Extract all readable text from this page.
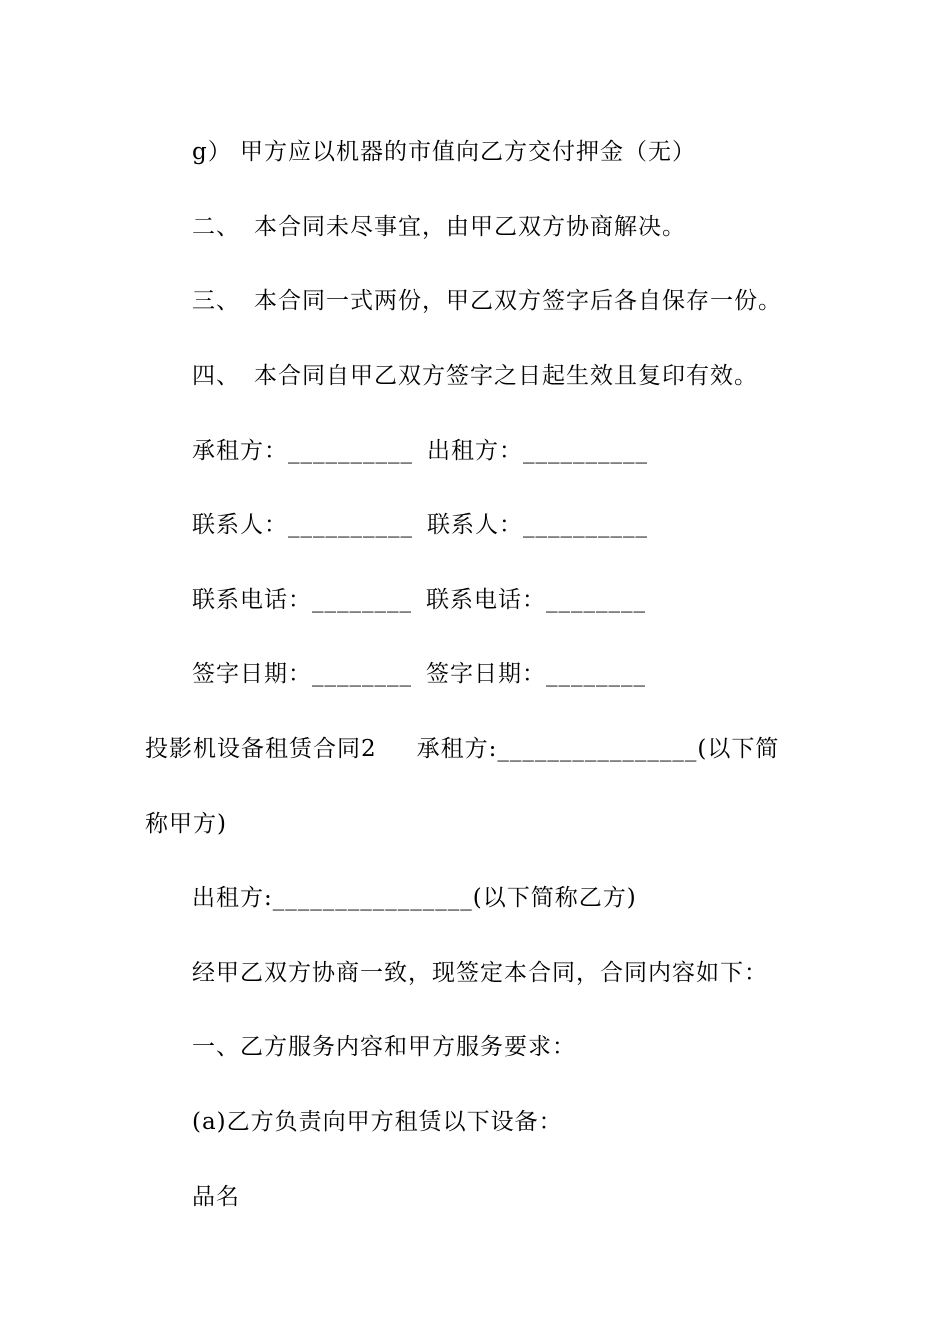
g） 甲方应以机器的市值向乙方交付押金（无）
二、 本合同未尽事宜，由甲乙双方协商解决。
三、 本合同一式两份，甲乙双方签字后各自保存一份。
四、 本合同自甲乙双方签字之日起生效且复印有效。
承租方：__________ 出租方：__________
联系人：__________ 联系人：__________
联系电话：________ 联系电话：________
签字日期：________ 签字日期：________
投影机设备租赁合同2 承租方:________________(以下简
称甲方)
出租方:________________(以下简称乙方)
经甲乙双方协商一致，现签定本合同，合同内容如下：
一、乙方服务内容和甲方服务要求：
(a)乙方负责向甲方租赁以下设备：
品名
